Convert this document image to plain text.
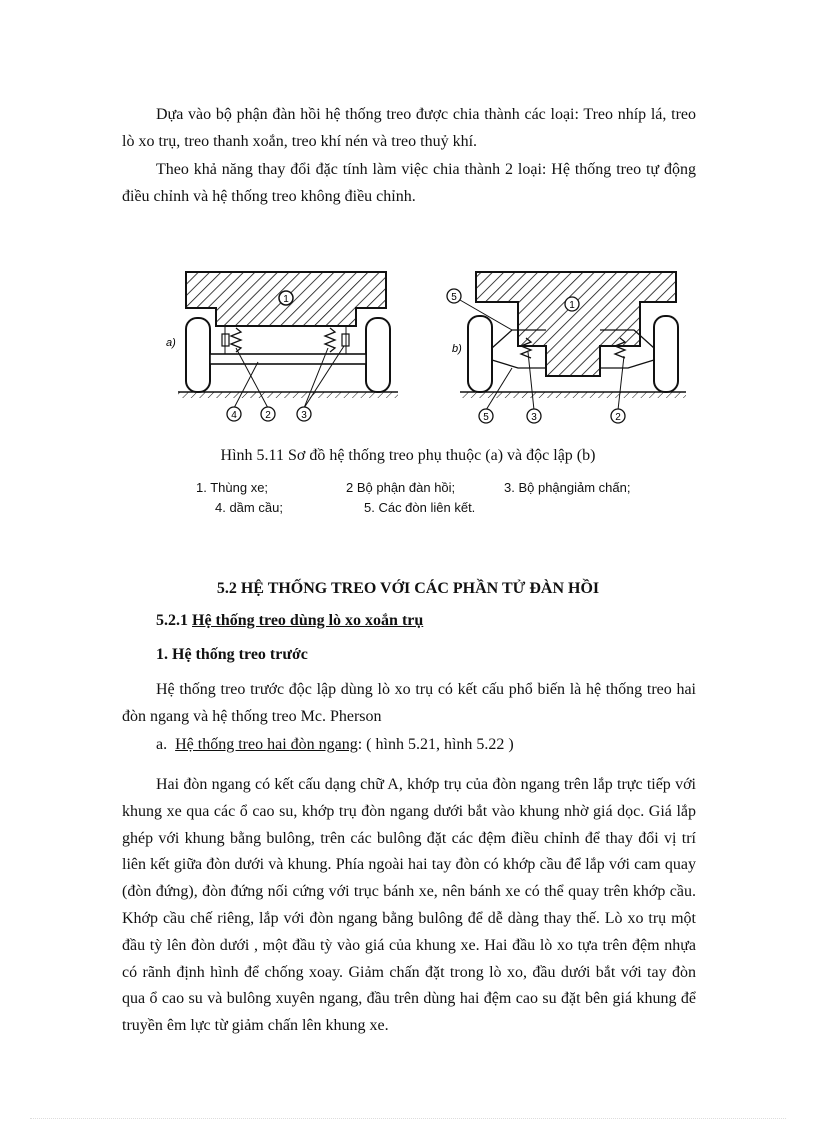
Dựa vào bộ phận đàn hồi hệ thống treo được chia thành các loại: Treo nhíp lá, treo lò xo trụ, treo thanh xoắn, treo khí nén và treo thuỷ khí.

Theo khả năng thay đổi đặc tính làm việc chia thành 2 loại: Hệ thống treo tự động điều chỉnh và hệ thống treo không điều chỉnh.

a)
1
4	2	3
b)
1
5
5	3	2
Hình 5.11 Sơ đồ hệ thống treo phụ thuộc (a) và độc lập (b)
1. Thùng xe;	2 Bộ phận đàn hồi;	3. Bộ phậngiảm chấn;
4. dầm cầu;	5. Các đòn liên kết.
5.2 HỆ THỐNG TREO VỚI CÁC PHẦN TỬ ĐÀN HỒI
5.2.1 Hệ thống treo dùng lò xo xoắn trụ
1. Hệ thống treo trước

Hệ thống treo trước độc lập dùng lò xo trụ có kết cấu phổ biến là hệ thống treo hai đòn ngang và hệ thống treo Mc. Pherson

a. Hệ thống treo hai đòn ngang: ( hình 5.21, hình 5.22 )

Hai đòn ngang có kết cấu dạng chữ A, khớp trụ của đòn ngang trên lắp trực tiếp với khung xe qua các ổ cao su, khớp trụ đòn ngang dưới bắt vào khung nhờ giá dọc. Giá lắp ghép với khung bằng bulông, trên các bulông đặt các đệm điều chỉnh để thay đổi vị trí liên kết giữa đòn dưới và khung. Phía ngoài hai tay đòn có khớp cầu để lắp với cam quay (đòn đứng), đòn đứng nối cứng với trục bánh xe, nên bánh xe có thể quay trên khớp cầu. Khớp cầu chế riêng, lắp với đòn ngang bằng bulông để dễ dàng thay thế. Lò xo trụ một đầu tỳ lên đòn dưới , một đầu tỳ vào giá của khung xe. Hai đầu lò xo tựa trên đệm nhựa có rãnh định hình để chống xoay. Giảm chấn đặt trong lò xo, đầu dưới bắt với tay đòn qua ổ cao su và bulông xuyên ngang, đầu trên dùng hai đệm cao su đặt bên giá khung để truyền êm lực từ giảm chấn lên khung xe.
